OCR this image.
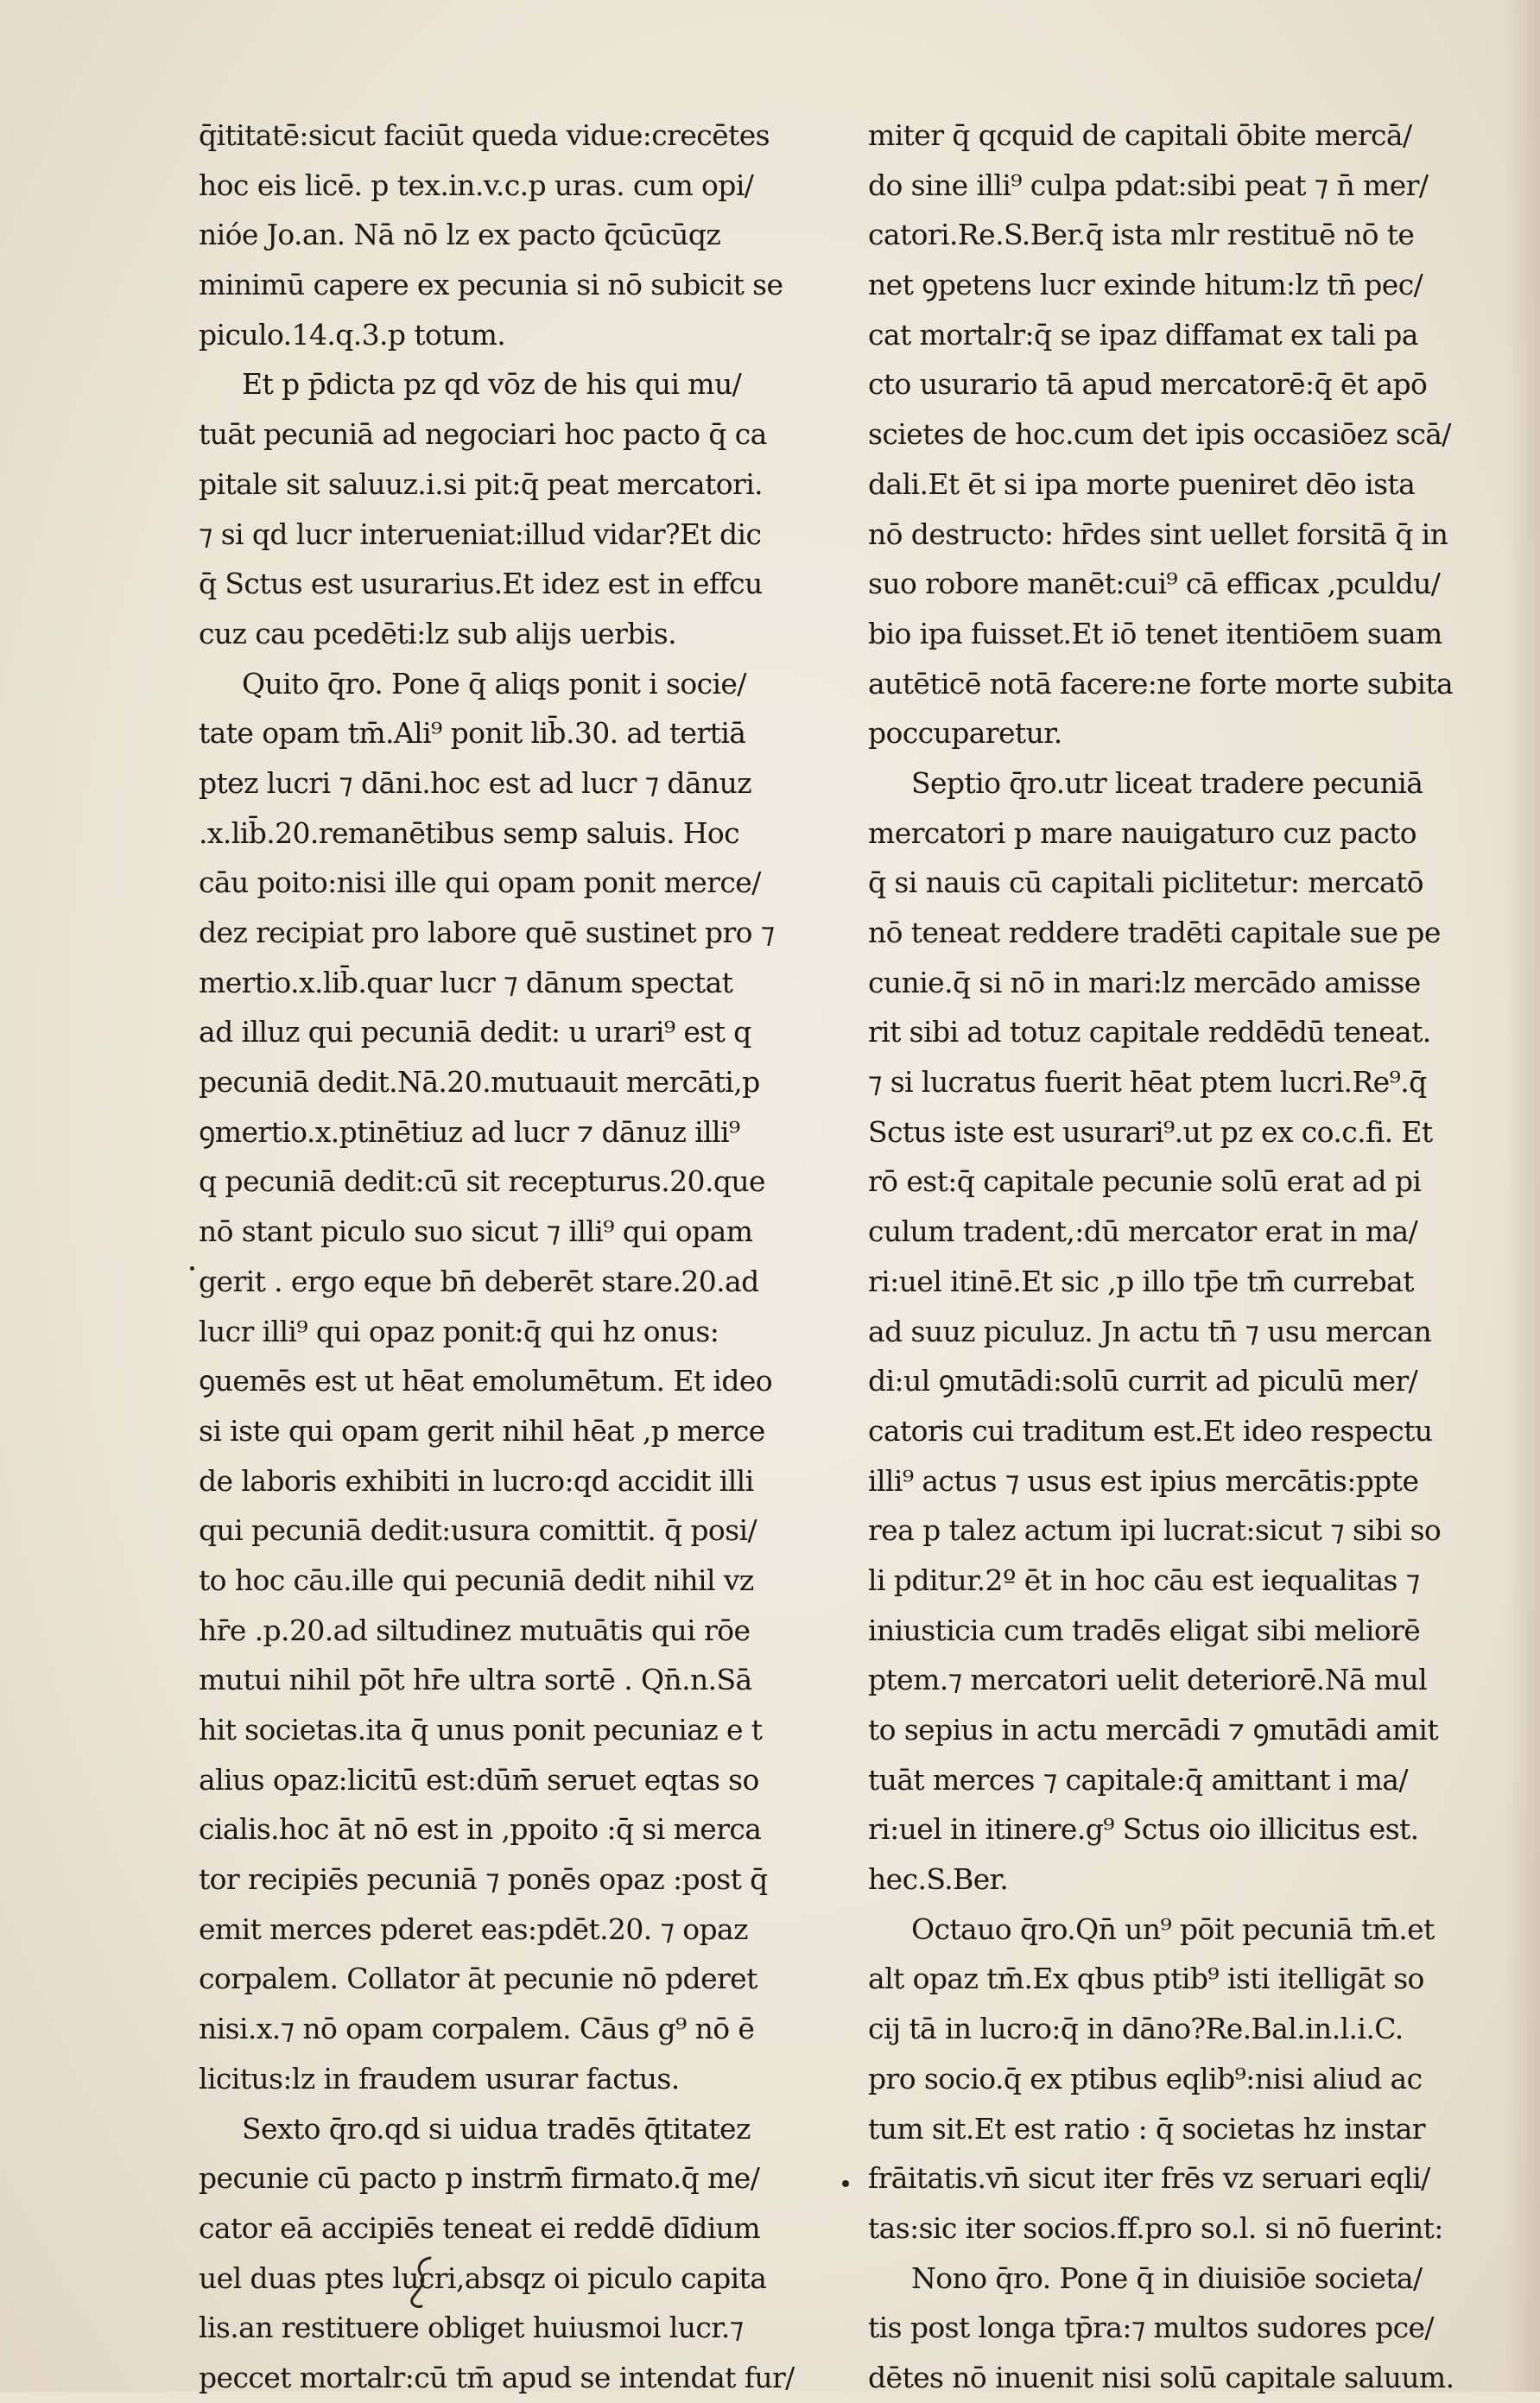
q̄ititatē:sicut faciūt queda vidue:crecētes
hoc eis licē. p tex.in.v.c.p uras. cum opi/
nióe Jo.an. Nā nō lz ex pacto q̄cūcūqz
minimū capere ex pecunia si nō subicit se
piculo.14.q.3.p totum.
Et p p̄dicta pz qd vōz de his qui mu/
tuāt pecuniā ad negociari hoc pacto q̄ ca
pitale sit saluuz.i.si pit:q̄ peat mercatori.
⁊ si qd lucr interueniat:illud vidar?Et dic
q̄ Sctus est usurarius.Et idez est in effcu
cuz cau pcedēti:lz sub alijs uerbis.
Quito q̄ro. Pone q̄ aliqs ponit i socie/
tate opam tm̄.Ali⁹ ponit lib̄.30. ad tertiā
ptez lucri ⁊ dāni.hoc est ad lucr ⁊ dānuz
.x.lib̄.20.remanētibus semp saluis. Hoc
cāu poito:nisi ille qui opam ponit merce/
dez recipiat pro labore quē sustinet pro ⁊
mertio.x.lib̄.quar lucr ⁊ dānum spectat
ad illuz qui pecuniā dedit: u urari⁹ est q
pecuniā dedit.Nā.20.mutuauit mercāti,p
ꝯmertio.x.ptinētiuz ad lucr ⁊ dānuz illi⁹
q pecuniā dedit:cū sit recepturus.20.que
nō stant piculo suo sicut ⁊ illi⁹ qui opam
gerit . ergo eque bn̄ deberēt stare.20.ad
lucr illi⁹ qui opaz ponit:q̄ qui hz onus:
ꝯuemēs est ut hēat emolumētum. Et ideo
si iste qui opam gerit nihil hēat ,p merce
de laboris exhibiti in lucro:qd accidit illi
qui pecuniā dedit:usura comittit. q̄ posi/
to hoc cāu.ille qui pecuniā dedit nihil vz
hr̄e .p.20.ad siltudinez mutuātis qui rōe
mutui nihil pōt hr̄e ultra sortē . Qn̄.n.Sā
hit societas.ita q̄ unus ponit pecuniaz e t
alius opaz:licitū est:dūm̄ seruet eqtas so
cialis.hoc āt nō est in ,ppoito :q̄ si merca
tor recipiēs pecuniā ⁊ ponēs opaz :post q̄
emit merces pderet eas:pdēt.20. ⁊ opaz
corpalem. Collator āt pecunie nō pderet
nisi.x.⁊ nō opam corpalem. Cāus g⁹ nō ē
licitus:lz in fraudem usurar factus.
Sexto q̄ro.qd si uidua tradēs q̄titatez
pecunie cū pacto p instrm̄ firmato.q̄ me/
cator eā accipiēs teneat ei reddē dīdium
uel duas ptes lucri,absqz oi piculo capita
lis.an restituere obliget huiusmoi lucr.⁊
peccet mortalr:cū tm̄ apud se intendat fur/
miter q̄ qcquid de capitali ōbite mercā/
do sine illi⁹ culpa pdat:sibi peat ⁊ n̄ mer/
catori.Re.S.Ber.q̄ ista mlr restituē nō te
net ꝯpetens lucr exinde hitum:lz tn̄ pec/
cat mortalr:q̄ se ipaz diffamat ex tali pa
cto usurario tā apud mercatorē:q̄ ēt apō
scietes de hoc.cum det ipis occasiōez scā/
dali.Et ēt si ipa morte pueniret dēo ista
nō destructo: hr̄des sint uellet forsitā q̄ in
suo robore manēt:cui⁹ cā efficax ,pculdu/
bio ipa fuisset.Et iō tenet itentiōem suam
autēticē notā facere:ne forte morte subita
poccuparetur.
Septio q̄ro.utr liceat tradere pecuniā
mercatori p mare nauigaturo cuz pacto
q̄ si nauis cū capitali piclitetur: mercatō
nō teneat reddere tradēti capitale sue pe
cunie.q̄ si nō in mari:lz mercādo amisse
rit sibi ad totuz capitale reddēdū teneat.
⁊ si lucratus fuerit hēat ptem lucri.Re⁹.q̄
Sctus iste est usurari⁹.ut pz ex co.c.fi. Et
rō est:q̄ capitale pecunie solū erat ad pi
culum tradent,:dū mercator erat in ma/
ri:uel itinē.Et sic ,p illo tp̄e tm̄ currebat
ad suuz piculuz. Jn actu tn̄ ⁊ usu mercan
di:ul ꝯmutādi:solū currit ad piculū mer/
catoris cui traditum est.Et ideo respectu
illi⁹ actus ⁊ usus est ipius mercātis:ppte
rea p talez actum ipi lucrat:sicut ⁊ sibi so
li pditur.2º ēt in hoc cāu est iequalitas ⁊
iniusticia cum tradēs eligat sibi meliorē
ptem.⁊ mercatori uelit deteriorē.Nā mul
to sepius in actu mercādi ⁊ ꝯmutādi amit
tuāt merces ⁊ capitale:q̄ amittant i ma/
ri:uel in itinere.g⁹ Sctus oio illicitus est.
hec.S.Ber.
Octauo q̄ro.Qn̄ un⁹ pōit pecuniā tm̄.et
alt opaz tm̄.Ex qbus ptib⁹ isti itelligāt so
cij tā in lucro:q̄ in dāno?Re.Bal.in.l.i.C.
pro socio.q̄ ex ptibus eqlib⁹:nisi aliud ac
tum sit.Et est ratio : q̄ societas hz instar
frāitatis.vn̄ sicut iter frēs vz seruari eqli/
tas:sic iter socios.ff.pro so.l. si nō fuerint:
Nono q̄ro. Pone q̄ in diuisiōe societa/
tis post longa tp̄ra:⁊ multos sudores pce/
dētes nō inuenit nisi solū capitale saluum.
